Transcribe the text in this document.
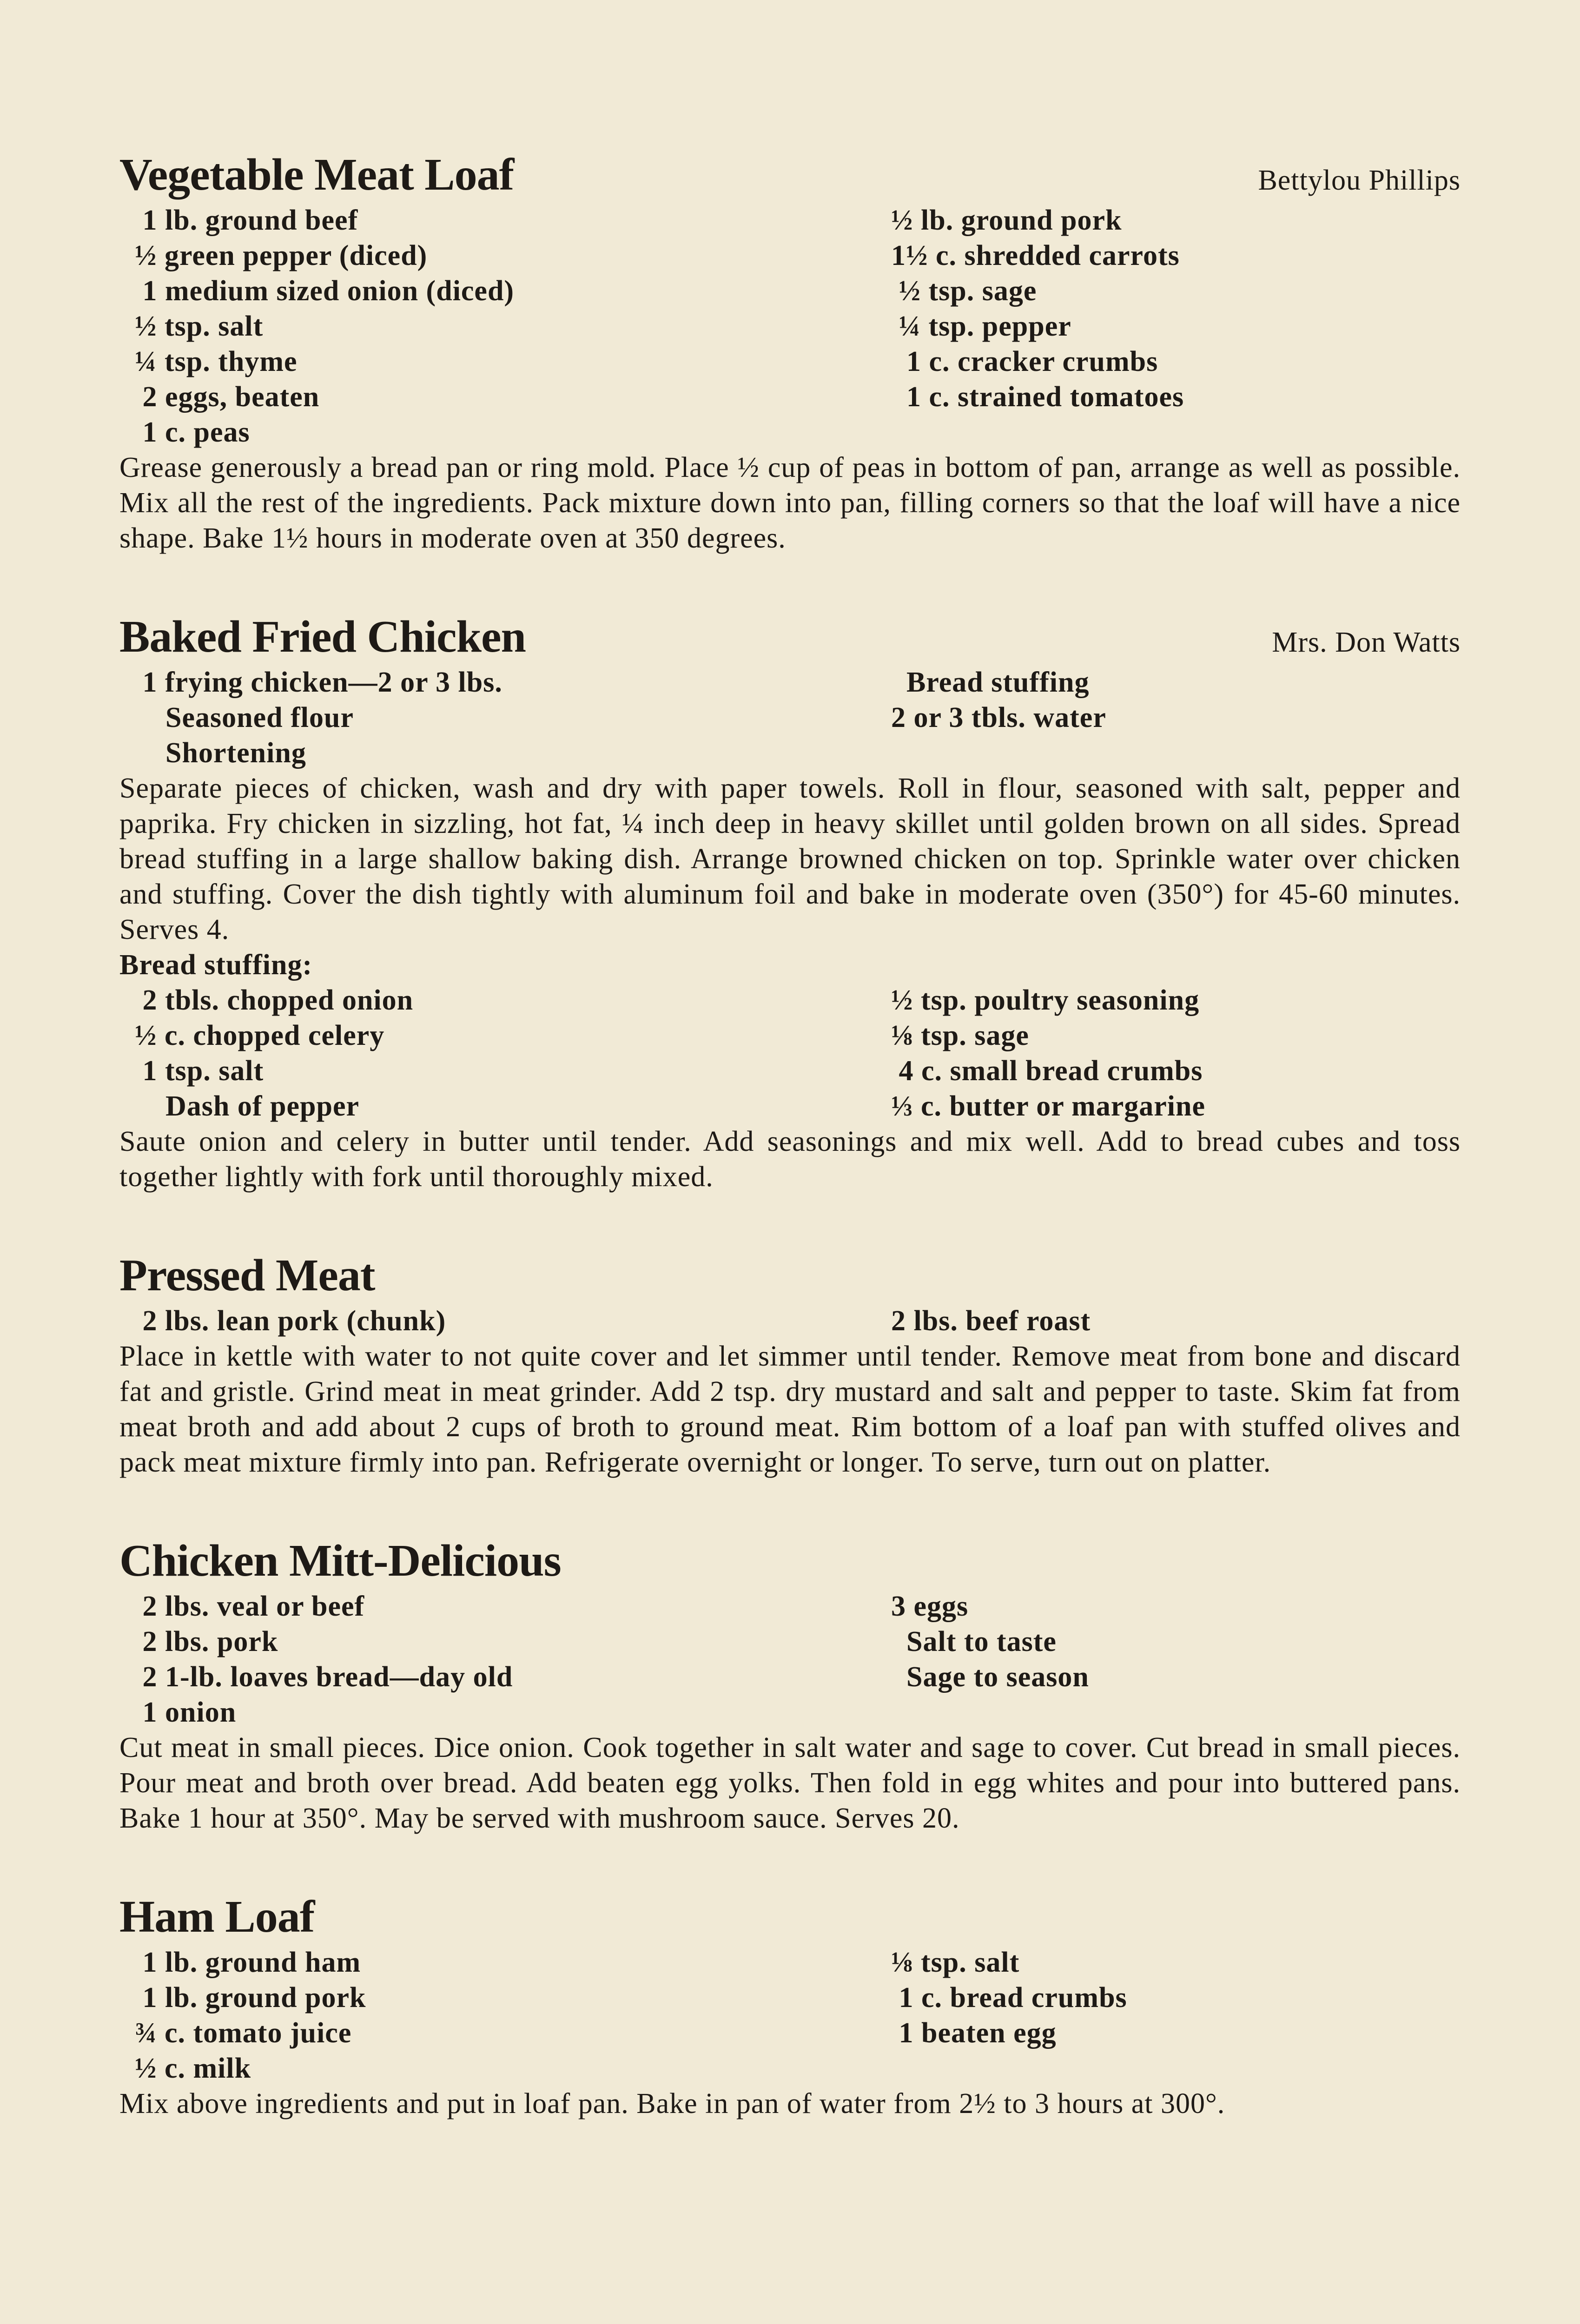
Vegetable Meat Loaf	Bettylou Phillips
1 lb. ground beef
½ green pepper (diced)
1 medium sized onion (diced)
½ tsp. salt
¼ tsp. thyme
2 eggs, beaten
1 c. peas
½ lb. ground pork
1½ c. shredded carrots
½ tsp. sage
¼ tsp. pepper
1 c. cracker crumbs
1 c. strained tomatoes
Grease generously a bread pan or ring mold. Place ½ cup of peas in bottom of pan, arrange as well as possible. Mix all the rest of the ingredients. Pack mixture down into pan, filling corners so that the loaf will have a nice shape. Bake 1½ hours in moderate oven at 350 degrees.
Baked Fried Chicken	Mrs. Don Watts
1 frying chicken—2 or 3 lbs.
Seasoned flour
Shortening
Bread stuffing
2 or 3 tbls. water
Separate pieces of chicken, wash and dry with paper towels. Roll in flour, seasoned with salt, pepper and paprika. Fry chicken in sizzling, hot fat, ¼ inch deep in heavy skillet until golden brown on all sides. Spread bread stuffing in a large shallow baking dish. Arrange browned chicken on top. Sprinkle water over chicken and stuffing. Cover the dish tightly with aluminum foil and bake in moderate oven (350°) for 45-60 minutes. Serves 4.
Bread stuffing:
2 tbls. chopped onion
½ c. chopped celery
1 tsp. salt
Dash of pepper
½ tsp. poultry seasoning
⅛ tsp. sage
4 c. small bread crumbs
⅓ c. butter or margarine
Saute onion and celery in butter until tender. Add seasonings and mix well. Add to bread cubes and toss together lightly with fork until thoroughly mixed.
Pressed Meat
2 lbs. lean pork (chunk)	2 lbs. beef roast
Place in kettle with water to not quite cover and let simmer until tender. Remove meat from bone and discard fat and gristle. Grind meat in meat grinder. Add 2 tsp. dry mustard and salt and pepper to taste. Skim fat from meat broth and add about 2 cups of broth to ground meat. Rim bottom of a loaf pan with stuffed olives and pack meat mixture firmly into pan. Refrigerate overnight or longer. To serve, turn out on platter.
Chicken Mitt-Delicious
2 lbs. veal or beef
2 lbs. pork
2 1-lb. loaves bread—day old
1 onion
3 eggs
Salt to taste
Sage to season
Cut meat in small pieces. Dice onion. Cook together in salt water and sage to cover. Cut bread in small pieces. Pour meat and broth over bread. Add beaten egg yolks. Then fold in egg whites and pour into buttered pans. Bake 1 hour at 350°. May be served with mushroom sauce. Serves 20.
Ham Loaf
1 lb. ground ham
1 lb. ground pork
¾ c. tomato juice
½ c. milk
⅛ tsp. salt
1 c. bread crumbs
1 beaten egg
Mix above ingredients and put in loaf pan. Bake in pan of water from 2½ to 3 hours at 300°.
